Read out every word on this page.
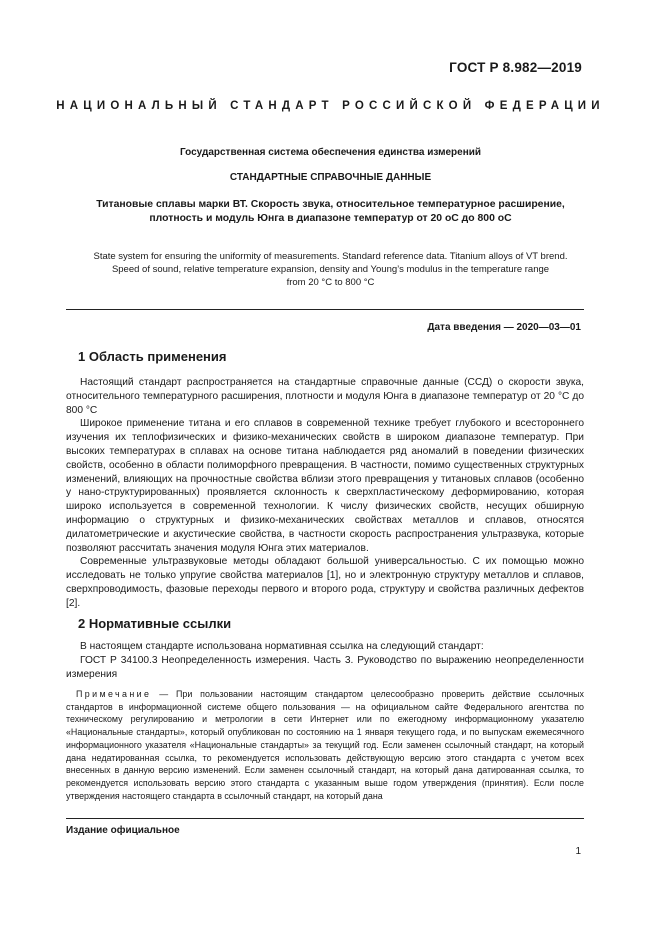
ГОСТ Р 8.982—2019
НАЦИОНАЛЬНЫЙ СТАНДАРТ РОССИЙСКОЙ ФЕДЕРАЦИИ
Государственная система обеспечения единства измерений
СТАНДАРТНЫЕ СПРАВОЧНЫЕ ДАННЫЕ
Титановые сплавы марки ВТ. Скорость звука, относительное температурное расширение,
плотность и модуль Юнга в диапазоне температур от 20 оС до 800 оС
State system for ensuring the uniformity of measurements. Standard reference data. Titanium alloys of VT brend.
Speed of sound, relative temperature expansion, density and Young’s modulus in the temperature range
from 20 °C to 800 °C
Дата введения — 2020—03—01
1 Область применения

Настоящий стандарт распространяется на стандартные справочные данные (ССД) о скорости звука, относительного температурного расширения, плотности и модуля Юнга в диапазоне температур от 20 °С до 800 °С

Широкое применение титана и его сплавов в современной технике требует глубокого и всестороннего изучения их теплофизических и физико-механических свойств в широком диапазоне температур. При высоких температурах в сплавах на основе титана наблюдается ряд аномалий в поведении физических свойств, особенно в области полиморфного превращения. В частности, помимо существенных структурных изменений, влияющих на прочностные свойства вблизи этого превращения у титановых сплавов (особенно у нано-структурированных) проявляется склонность к сверхпластическому деформированию, которая широко используется в современной технологии. К числу физических свойств, несущих обширную информацию о структурных и физико-механических свойствах металлов и сплавов, относятся дилатометрические и акустические свойства, в частности скорость распространения ультразвука, которые позволяют рассчитать значения модуля Юнга этих материалов.

Современные ультразвуковые методы обладают большой универсальностью. С их помощью можно исследовать не только упругие свойства материалов [1], но и электронную структуру металлов и сплавов, сверхпроводимость, фазовые переходы первого и второго рода, структуру и свойства различных дефектов [2].

2 Нормативные ссылки

В настоящем стандарте использована нормативная ссылка на следующий стандарт:

ГОСТ Р 34100.3 Неопределенность измерения. Часть 3. Руководство по выражению неопределенности измерения

Примечание — При пользовании настоящим стандартом целесообразно проверить действие ссылочных стандартов в информационной системе общего пользования — на официальном сайте Федерального агентства по техническому регулированию и метрологии в сети Интернет или по ежегодному информационному указателю «Национальные стандарты», который опубликован по состоянию на 1 января текущего года, и по выпускам ежемесячного информационного указателя «Национальные стандарты» за текущий год. Если заменен ссылочный стандарт, на который дана недатированная ссылка, то рекомендуется использовать действующую версию этого стандарта с учетом всех внесенных в данную версию изменений. Если заменен ссылочный стандарт, на который дана датированная ссылка, то рекомендуется использовать версию этого стандарта с указанным выше годом утверждения (принятия). Если после утверждения настоящего стандарта в ссылочный стандарт, на который дана
Издание официальное
1
